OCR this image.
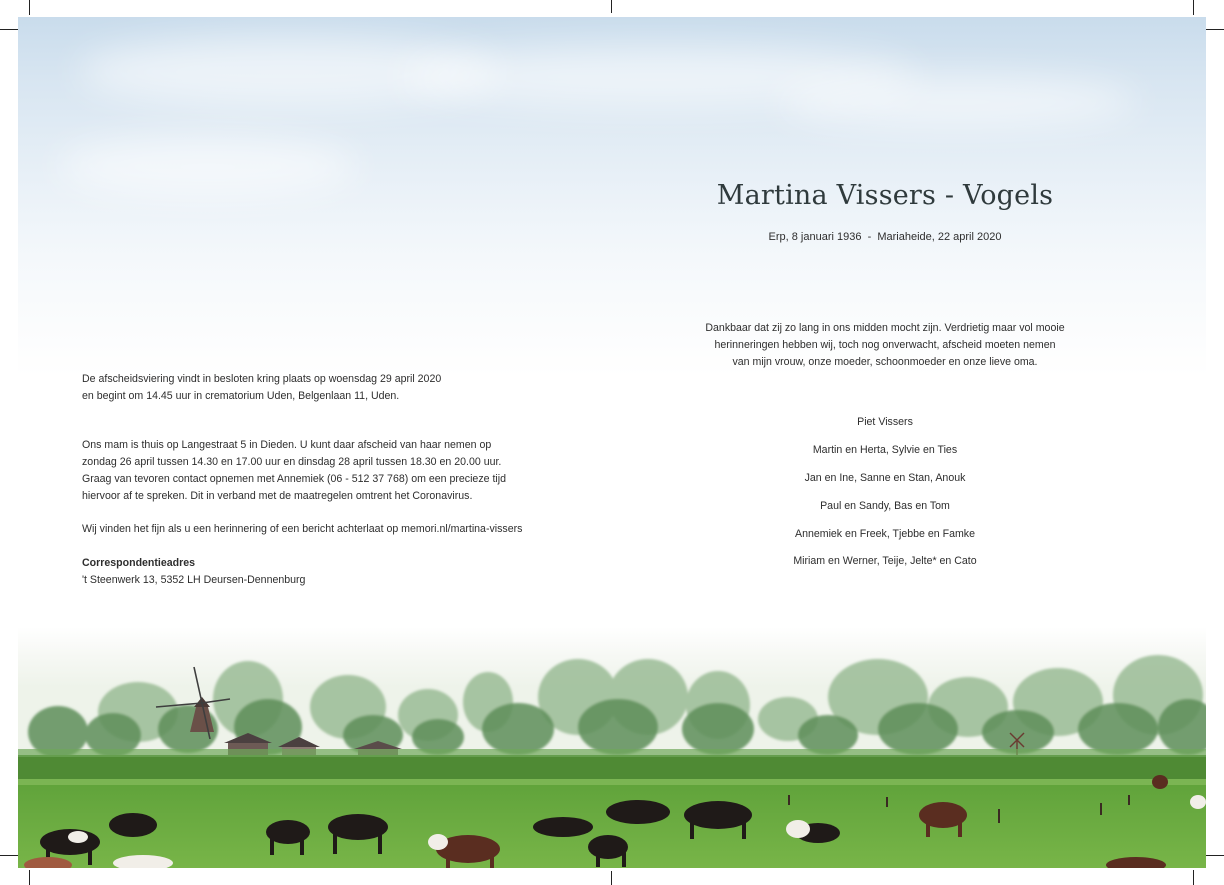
Martina Vissers - Vogels
Erp, 8 januari 1936  -  Mariaheide, 22 april 2020
Dankbaar dat zij zo lang in ons midden mocht zijn. Verdrietig maar vol mooie
herinneringen hebben wij, toch nog onverwacht, afscheid moeten nemen
van mijn vrouw, onze moeder, schoonmoeder en onze lieve oma.
Piet Vissers
Martin en Herta, Sylvie en Ties
Jan en Ine, Sanne en Stan, Anouk
Paul en Sandy, Bas en Tom
Annemiek en Freek, Tjebbe en Famke
Miriam en Werner, Teije, Jelte* en Cato

De afscheidsviering vindt in besloten kring plaats op woensdag 29 april 2020

en begint om 14.45 uur in crematorium Uden, Belgenlaan 11, Uden.

Ons mam is thuis op Langestraat 5 in Dieden. U kunt daar afscheid van haar nemen op

zondag 26 april tussen 14.30 en 17.00 uur en dinsdag 28 april tussen 18.30 en 20.00 uur.

Graag van tevoren contact opnemen met Annemiek (06 - 512 37 768) om een precieze tijd

hiervoor af te spreken. Dit in verband met de maatregelen omtrent het Coronavirus.

Wij vinden het fijn als u een herinnering of een bericht achterlaat op memori.nl/martina-vissers

Correspondentieadres

't Steenwerk 13, 5352 LH Deursen-Dennenburg
